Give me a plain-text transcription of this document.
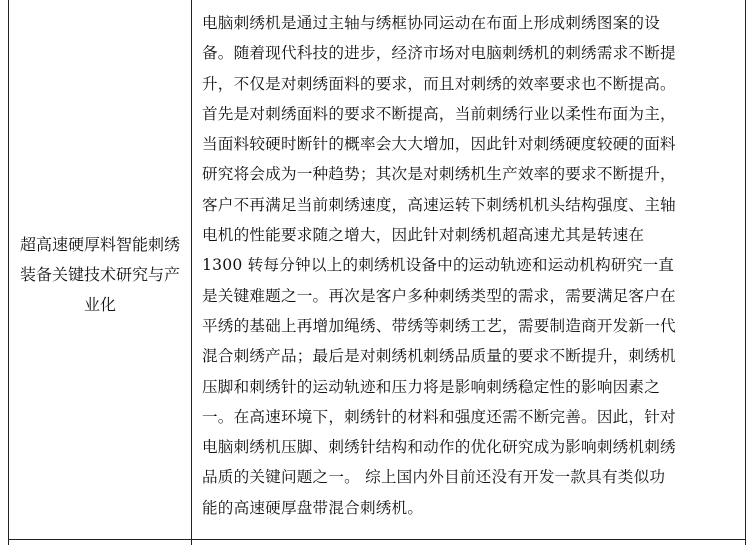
超高速硬厚料智能刺绣装备关键技术研究与产业化
电脑刺绣机是通过主轴与绣框协同运动在布面上形成刺绣图案的设
备。随着现代科技的进步，经济市场对电脑刺绣机的刺绣需求不断提
升，不仅是对刺绣面料的要求，而且对刺绣的效率要求也不断提高。
首先是对刺绣面料的要求不断提高，当前刺绣行业以柔性布面为主，
当面料较硬时断针的概率会大大增加，因此针对刺绣硬度较硬的面料
研究将会成为一种趋势；其次是对刺绣机生产效率的要求不断提升，
客户不再满足当前刺绣速度，高速运转下刺绣机机头结构强度、主轴
电机的性能要求随之增大，因此针对刺绣机超高速尤其是转速在
1300 转每分钟以上的刺绣机设备中的运动轨迹和运动机构研究一直
是关键难题之一。再次是客户多种刺绣类型的需求，需要满足客户在
平绣的基础上再增加绳绣、带绣等刺绣工艺，需要制造商开发新一代
混合刺绣产品；最后是对刺绣机刺绣品质量的要求不断提升，刺绣机
压脚和刺绣针的运动轨迹和压力将是影响刺绣稳定性的影响因素之
一。在高速环境下，刺绣针的材料和强度还需不断完善。因此，针对
电脑刺绣机压脚、刺绣针结构和动作的优化研究成为影响刺绣机刺绣
品质的关键问题之一。 综上国内外目前还没有开发一款具有类似功
能的高速硬厚盘带混合刺绣机。
